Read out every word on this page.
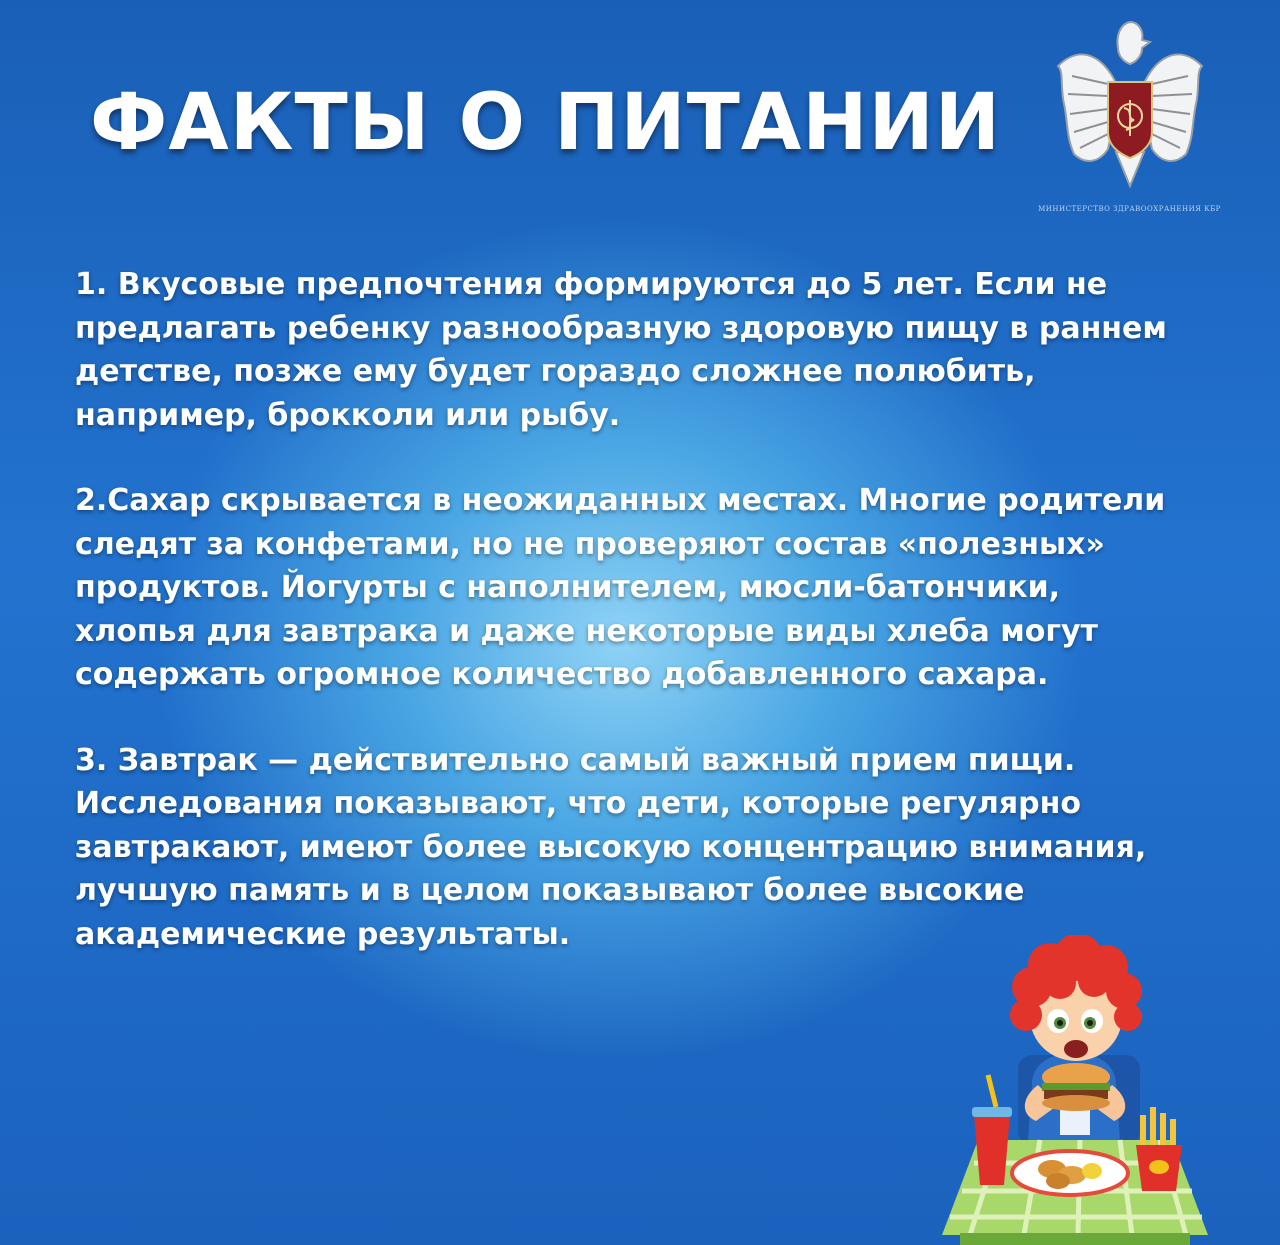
ФАКТЫ О ПИТАНИИ
МИНИСТЕРСТВО ЗДРАВООХРАНЕНИЯ КБР

1. Вкусовые предпочтения формируются до 5 лет. Если не предлагать ребенку разнообразную здоровую пищу в раннем детстве, позже ему будет гораздо сложнее полюбить, например, брокколи или рыбу.

2.Сахар скрывается в неожиданных местах. Многие родители следят за конфетами, но не проверяют состав «полезных» продуктов. Йогурты с наполнителем, мюсли-батончики, хлопья для завтрака и даже некоторые виды хлеба могут содержать огромное количество добавленного сахара.

3. Завтрак — действительно самый важный прием пищи. Исследования показывают, что дети, которые регулярно завтракают, имеют более высокую концентрацию внимания, лучшую память и в целом показывают более высокие академические результаты.
